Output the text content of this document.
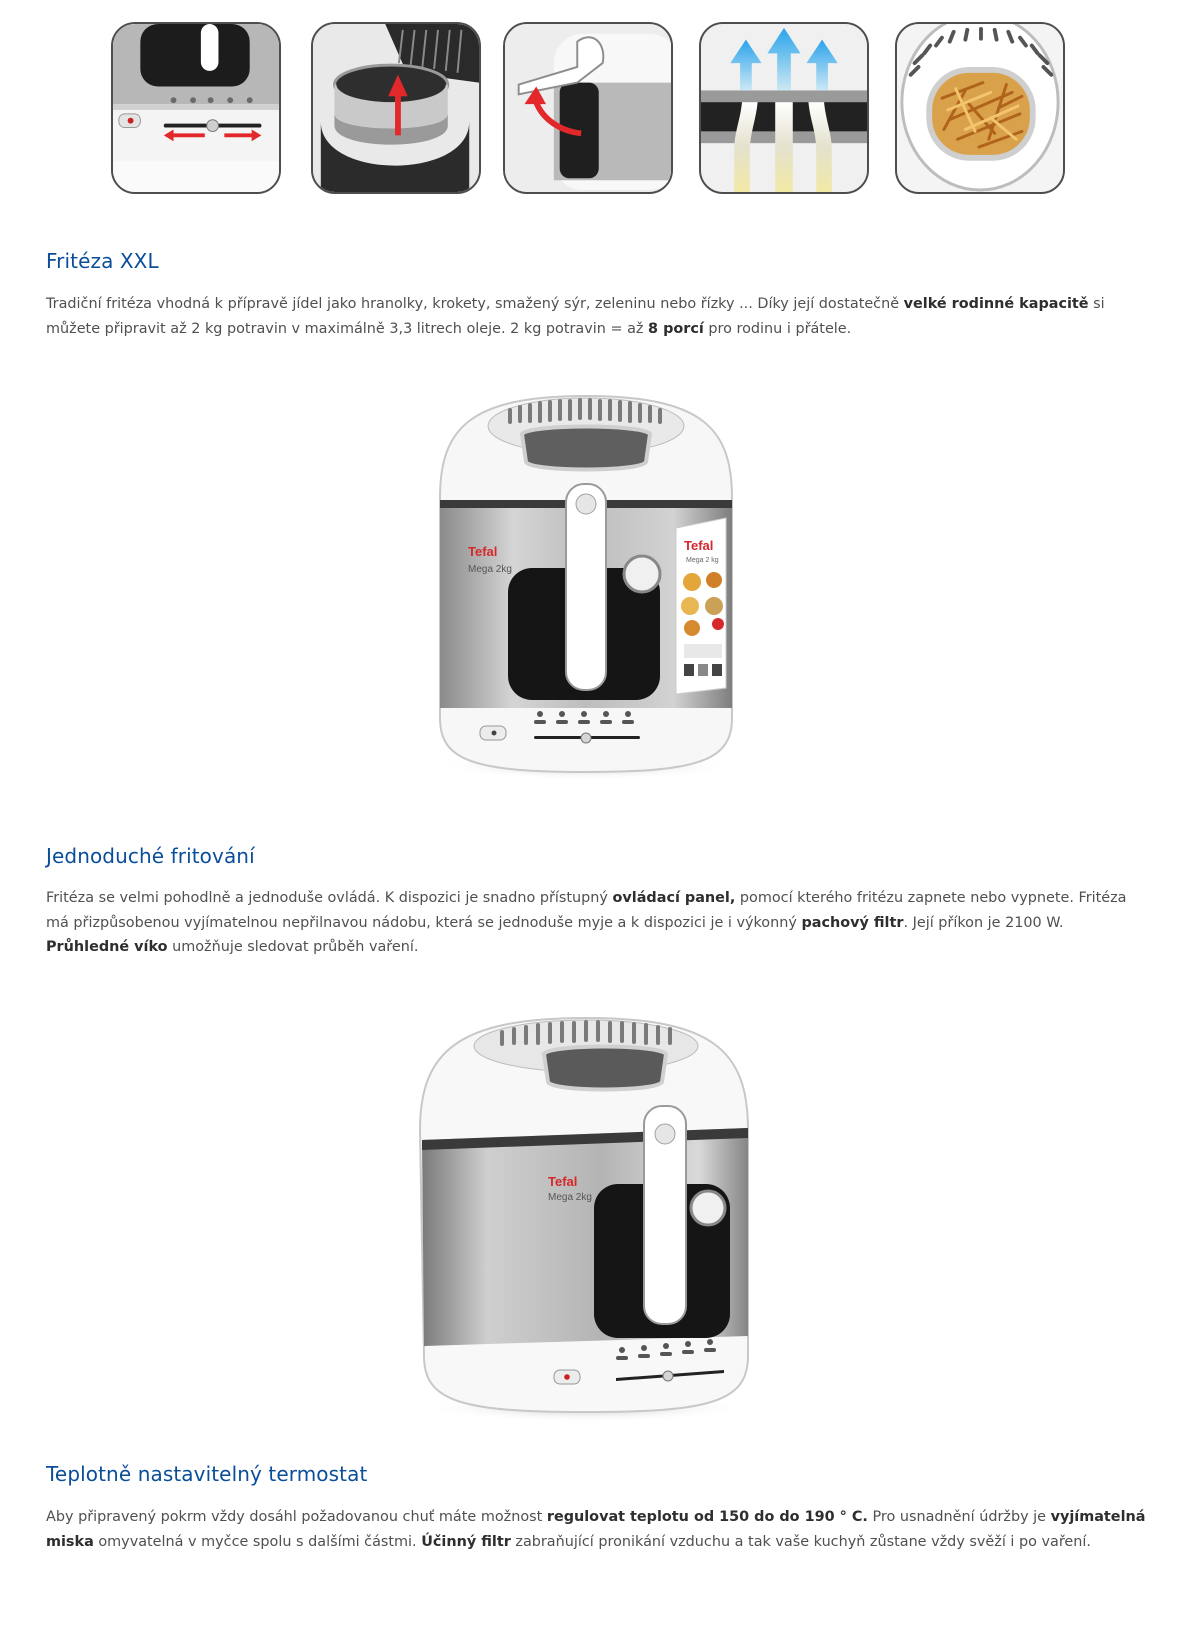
Fritéza XXL

Tradiční fritéza vhodná k přípravě jídel jako hranolky, krokety, smažený sýr, zeleninu nebo řízky ... Díky její dostatečně velké rodinné kapacitě si můžete připravit až 2 kg potravin v maximálně 3,3 litrech oleje. 2 kg potravin = až 8 porcí pro rodinu i přátele.

Tefal
Mega 2kg
Tefal
Mega 2 kg
Jednoduché fritování

Fritéza se velmi pohodlně a jednoduše ovládá. K dispozici je snadno přístupný ovládací panel, pomocí kterého fritézu zapnete nebo vypnete. Fritéza má přizpůsobenou vyjímatelnou nepřilnavou nádobu, která se jednoduše myje a k dispozici je i výkonný pachový filtr. Její příkon je 2100 W. Průhledné víko umožňuje sledovat průběh vaření.

Tefal
Mega 2kg
Teplotně nastavitelný termostat

Aby připravený pokrm vždy dosáhl požadovanou chuť máte možnost regulovat teplotu od 150 do do 190 ° C. Pro usnadnění údržby je vyjímatelná miska omyvatelná v myčce spolu s dalšími částmi. Účinný filtr zabraňující pronikání vzduchu a tak vaše kuchyň zůstane vždy svěží i po vaření.
